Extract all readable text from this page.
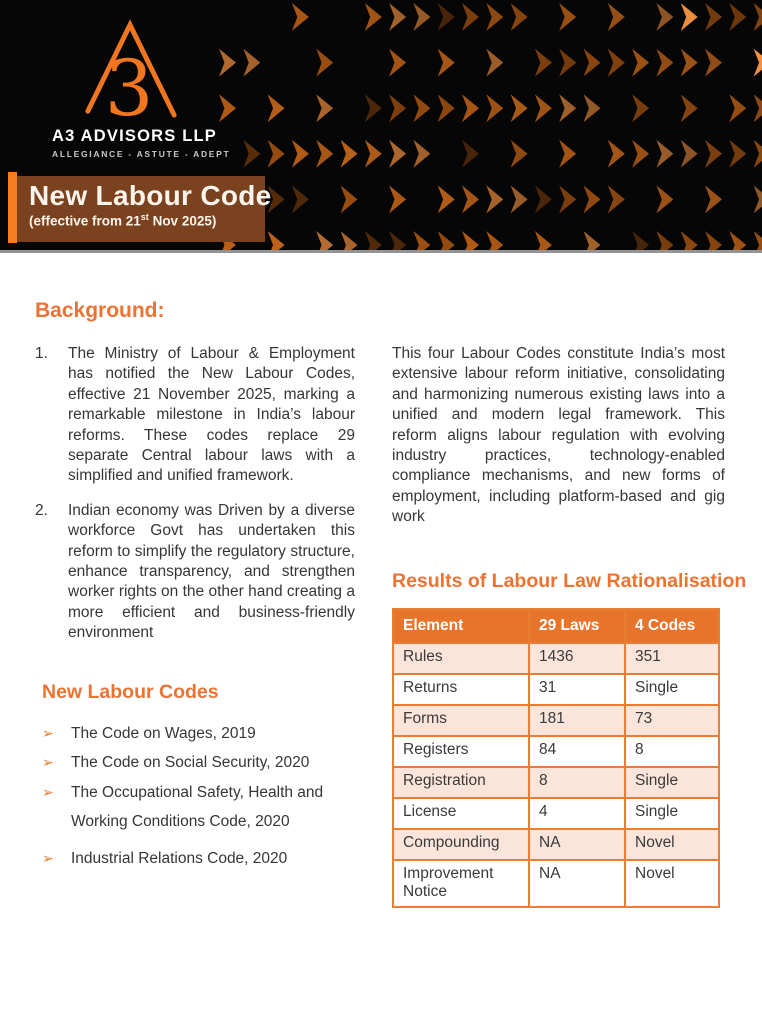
3
A3 ADVISORS LLP
ALLEGIANCE - ASTUTE - ADEPT
New Labour Code
(effective from 21st Nov 2025)
Background:
1.	The Ministry of Labour & Employment has notified the New Labour Codes, effective 21 November 2025, marking a remarkable milestone in India’s labour reforms. These codes replace 29 separate Central labour laws with a simplified and unified framework.
2.	Indian economy was Driven by a diverse workforce Govt has undertaken this reform to simplify the regulatory structure, enhance transparency, and strengthen worker rights on the other hand creating a more efficient and business-friendly environment
New Labour Codes
➢	The Code on Wages, 2019
➢	The Code on Social Security, 2020
➢	The Occupational Safety, Health and Working Conditions Code, 2020
➢	Industrial Relations Code, 2020

This four Labour Codes constitute India’s most extensive labour reform initiative, consolidating and harmonizing numerous existing laws into a unified and modern legal framework. This reform aligns labour regulation with evolving industry practices, technology-enabled compliance mechanisms, and new forms of employment, including platform-based and gig work

Results of Labour Law Rationalisation
Element	29 Laws	4 Codes
Rules	1436	351
Returns	31	Single
Forms	181	73
Registers	84	8
Registration	8	Single
License	4	Single
Compounding	NA	Novel
Improvement Notice	NA	Novel
